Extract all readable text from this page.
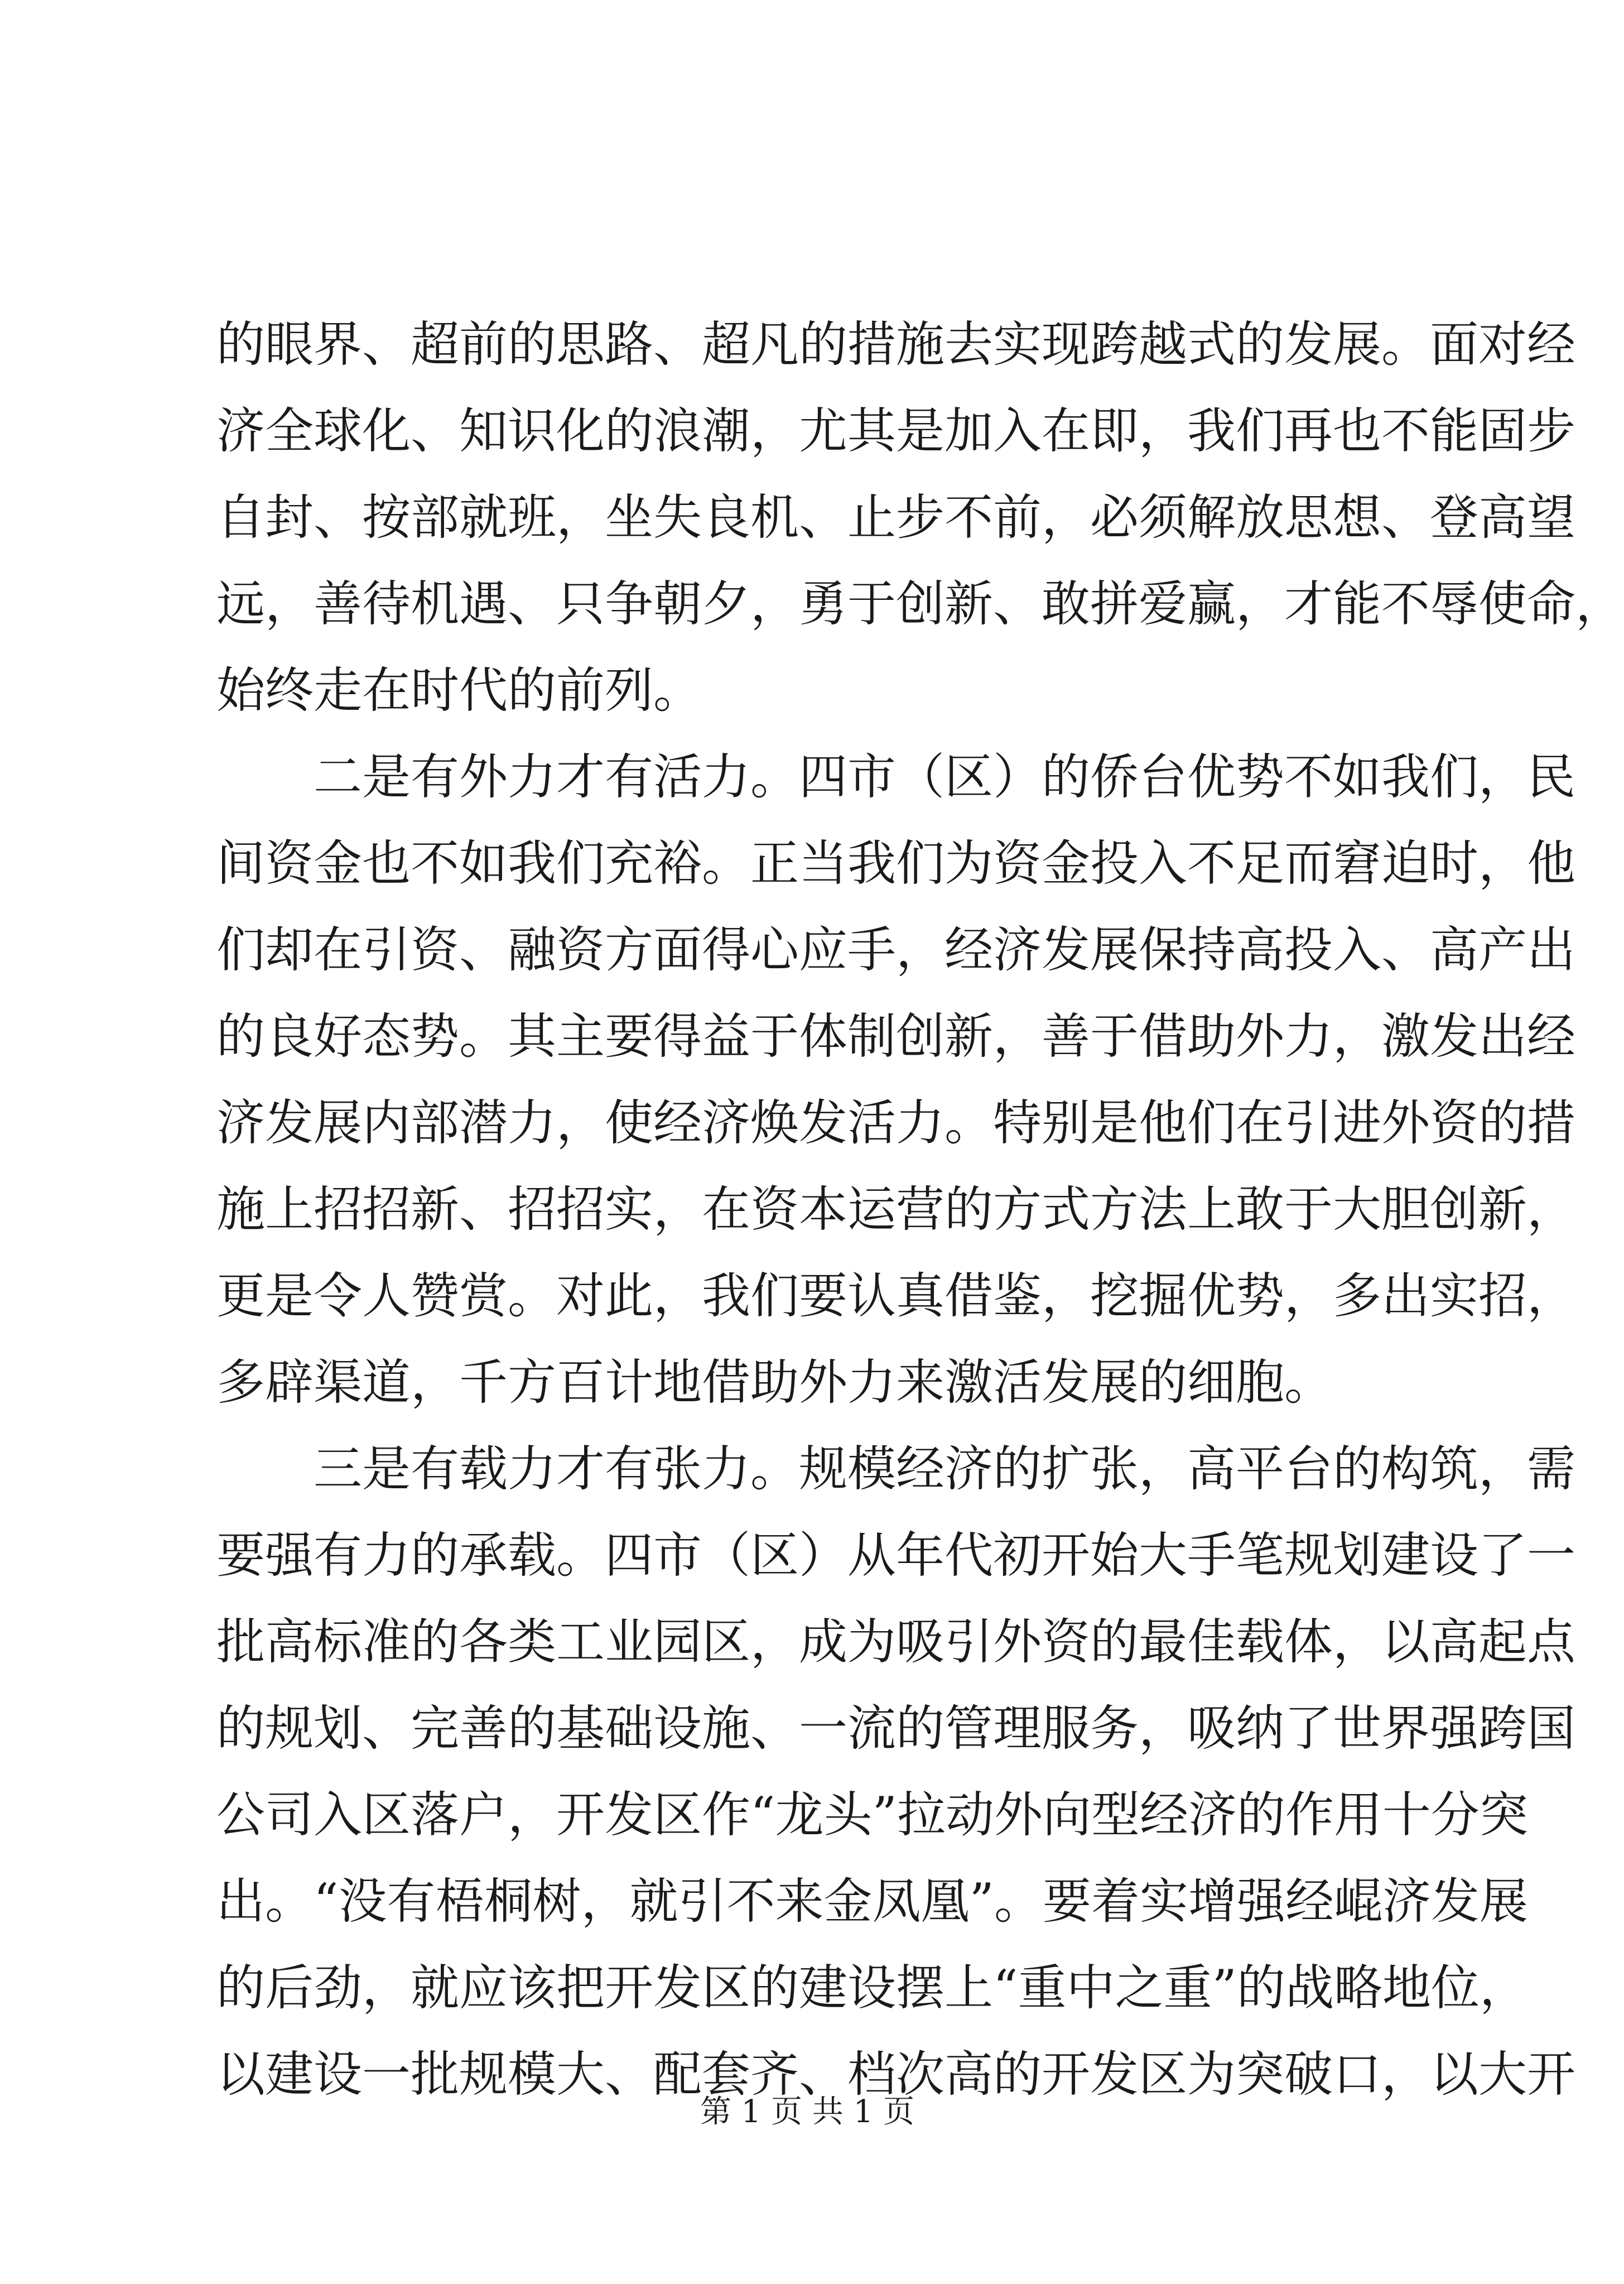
的眼界、超前的思路、超凡的措施去实现跨越式的发展。面对经
济全球化、知识化的浪潮，尤其是加入在即，我们再也不能固步
自封、按部就班，坐失良机、止步不前，必须解放思想、登高望
远，善待机遇、只争朝夕，勇于创新、敢拼爱赢，才能不辱使命，
始终走在时代的前列。
　　二是有外力才有活力。四市（区）的侨台优势不如我们，民
间资金也不如我们充裕。正当我们为资金投入不足而窘迫时，他
们却在引资、融资方面得心应手，经济发展保持高投入、高产出
的良好态势。其主要得益于体制创新，善于借助外力，激发出经
济发展内部潜力，使经济焕发活力。特别是他们在引进外资的措
施上招招新、招招实，在资本运营的方式方法上敢于大胆创新，
更是令人赞赏。对此，我们要认真借鉴，挖掘优势，多出实招，
多辟渠道，千方百计地借助外力来激活发展的细胞。
　　三是有载力才有张力。规模经济的扩张，高平台的构筑，需
要强有力的承载。四市（区）从年代初开始大手笔规划建设了一
批高标准的各类工业园区，成为吸引外资的最佳载体，以高起点
的规划、完善的基础设施、一流的管理服务，吸纳了世界强跨国
公司入区落户，开发区作“龙头”拉动外向型经济的作用十分突
出。“没有梧桐树，就引不来金凤凰”。要着实增强经崐济发展
的后劲，就应该把开发区的建设摆上“重中之重”的战略地位，
以建设一批规模大、配套齐、档次高的开发区为突破口，以大开
第 1 页 共 1 页
